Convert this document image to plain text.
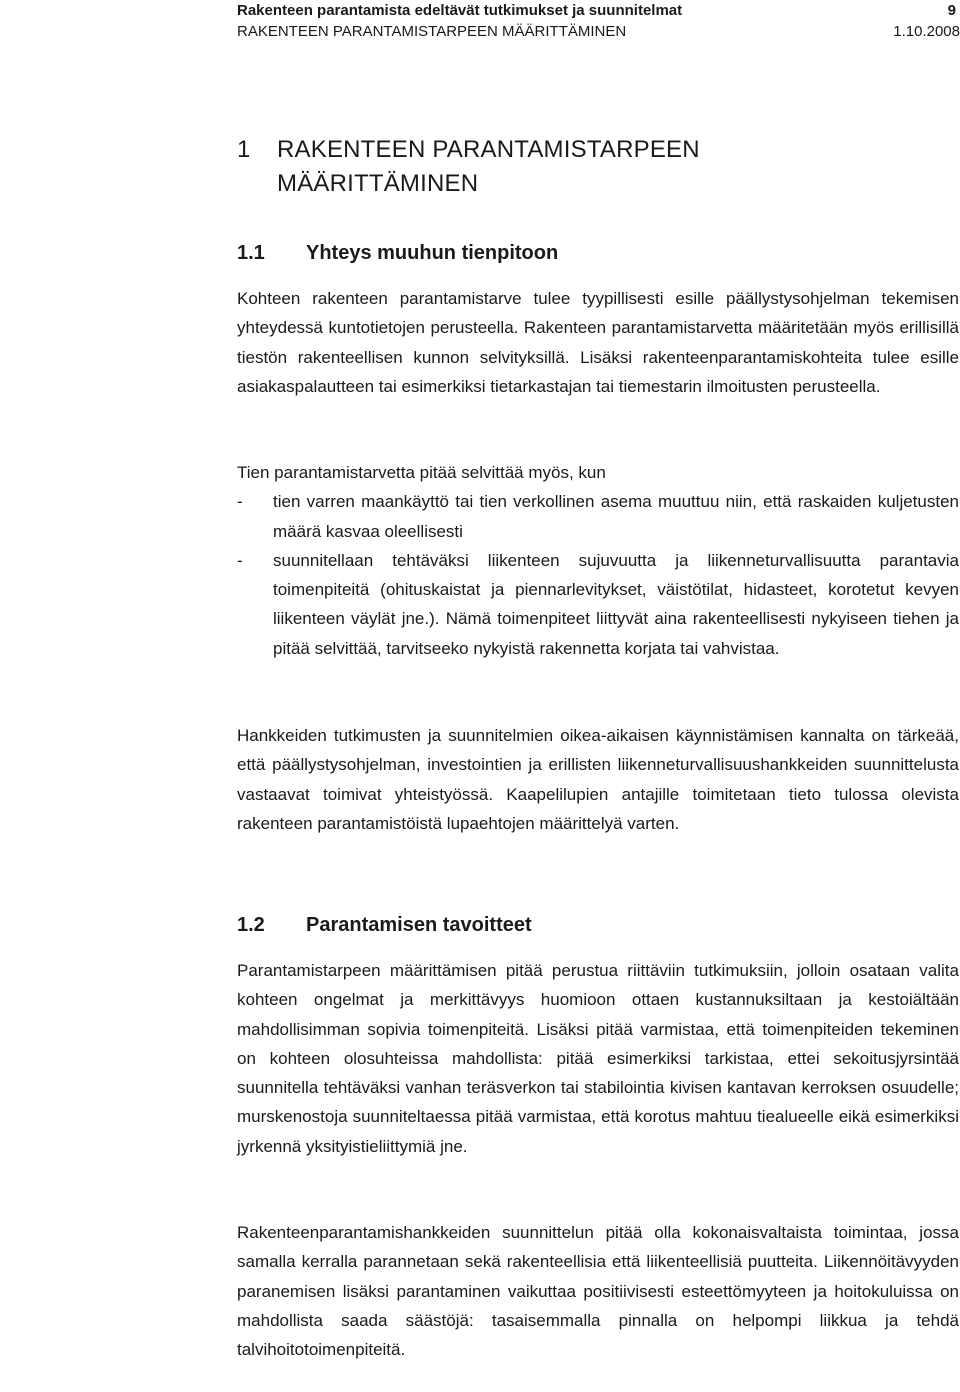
Rakenteen parantamista edeltävät tutkimukset ja suunnitelmat	9
RAKENTEEN PARANTAMISTARPEEN MÄÄRITTÄMINEN	1.10.2008
1 RAKENTEEN PARANTAMISTARPEEN
MÄÄRITTÄMINEN
1.1 Yhteys muuhun tienpitoon

Kohteen rakenteen parantamistarve tulee tyypillisesti esille päällystysohjelman tekemisen yhteydessä kuntotietojen perusteella. Rakenteen parantamistarvetta määritetään myös erillisillä tiestön rakenteellisen kunnon selvityksillä. Lisäksi rakenteenparantamiskohteita tulee esille asiakaspalautteen tai esimerkiksi tietarkastajan tai tiemestarin ilmoitusten perusteella.

Tien parantamistarvetta pitää selvittää myös, kun
-	tien varren maankäyttö tai tien verkollinen asema muuttuu niin, että raskaiden kuljetusten määrä kasvaa oleellisesti
-	suunnitellaan tehtäväksi liikenteen sujuvuutta ja liikenneturvallisuutta parantavia toimenpiteitä (ohituskaistat ja piennarlevitykset, väistötilat, hidasteet, korotetut kevyen liikenteen väylät jne.). Nämä toimenpiteet liittyvät aina rakenteellisesti nykyiseen tiehen ja pitää selvittää, tarvitseeko nykyistä rakennetta korjata tai vahvistaa.

Hankkeiden tutkimusten ja suunnitelmien oikea-aikaisen käynnistämisen kannalta on tärkeää, että päällystysohjelman, investointien ja erillisten liikenneturvallisuushankkeiden suunnittelusta vastaavat toimivat yhteistyössä. Kaapelilupien antajille toimitetaan tieto tulossa olevista rakenteen parantamistöistä lupaehtojen määrittelyä varten.

1.2 Parantamisen tavoitteet

Parantamistarpeen määrittämisen pitää perustua riittäviin tutkimuksiin, jolloin osataan valita kohteen ongelmat ja merkittävyys huomioon ottaen kustannuksiltaan ja kestoiältään mahdollisimman sopivia toimenpiteitä. Lisäksi pitää varmistaa, että toimenpiteiden tekeminen on kohteen olosuhteissa mahdollista: pitää esimerkiksi tarkistaa, ettei sekoitusjyrsintää suunnitella tehtäväksi vanhan teräsverkon tai stabilointia kivisen kantavan kerroksen osuudelle; murskenostoja suunniteltaessa pitää varmistaa, että korotus mahtuu tiealueelle eikä esimerkiksi jyrkennä yksityistieliittymiä jne.

Rakenteenparantamishankkeiden suunnittelun pitää olla kokonaisvaltaista toimintaa, jossa samalla kerralla parannetaan sekä rakenteellisia että liikenteellisiä puutteita. Liikennöitävyyden paranemisen lisäksi parantaminen vaikuttaa positiivisesti esteettömyyteen ja hoitokuluissa on mahdollista saada säästöjä: tasaisemmalla pinnalla on helpompi liikkua ja tehdä talvihoitotoimenpiteitä.
